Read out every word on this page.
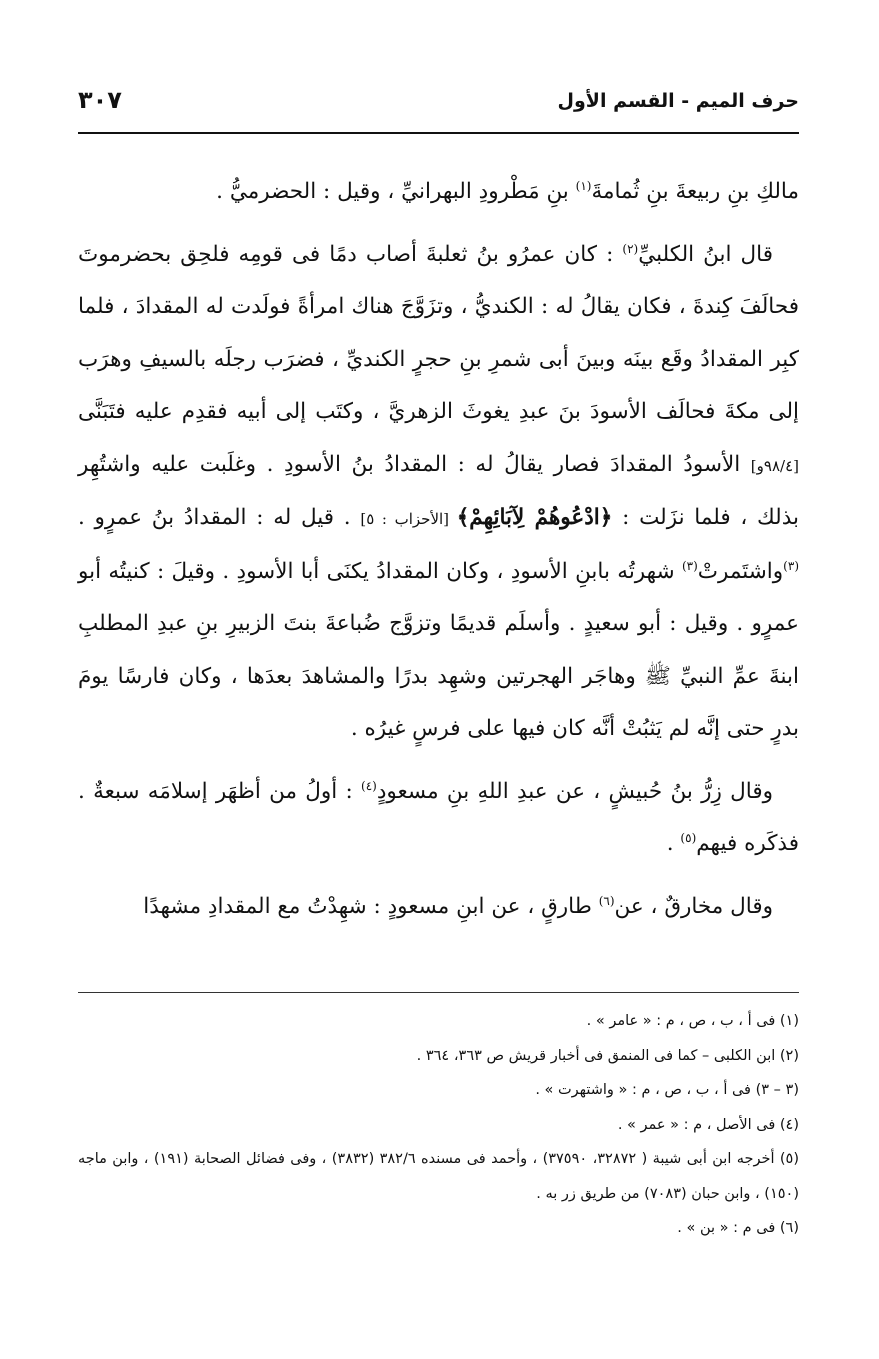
حرف الميم - القسم الأول
٣٠٧

مالكِ بنِ ربيعةَ بنِ ثُمامةَ$^{(١)}$ بنِ مَطْرودِ البهرانيِّ ، وقيل : الحضرميُّ .

قال ابنُ الكلبيِّ$^{(٢)}$ : كان عمرُو بنُ ثعلبةَ أصاب دمًا فى قومِه فلحِق بحضرموتَ فحالَفَ كِندةَ ، فكان يقالُ له : الكنديُّ ، وتزَوَّجَ هناك امرأةً فولَدت له المقدادَ ، فلما كبِر المقدادُ وقَع بينَه وبينَ أبى شمرِ بنِ حجرٍ الكنديِّ ، فضرَب رجلَه بالسيفِ وهرَب إلى مكةَ فحالَف الأسودَ بنَ عبدِ يغوثَ الزهريَّ ، وكتَب إلى أبيه فقدِم عليه فتَبَنَّى [٩٨/٤و] الأسودُ المقدادَ فصار يقالُ له : المقدادُ بنُ الأسودِ . وغلَبت عليه واشتُهِر بذلك ، فلما نزَلت : ﴿ادْعُوهُمْ لِآبَائِهِمْ﴾ [الأحزاب : ٥] . قيل له : المقدادُ بنُ عمرٍو . $^{(٣)}$واشتَمرتْ$^{(٣)}$ شهرتُه بابنِ الأسودِ ، وكان المقدادُ يكنَى أبا الأسودِ . وقيلَ : كنيتُه أبو عمرٍو . وقيل : أبو سعيدٍ . وأسلَم قديمًا وتزوَّج ضُباعةَ بنتَ الزبيرِ بنِ عبدِ المطلبِ ابنةَ عمِّ النبيِّ ﷺ وهاجَر الهجرتين وشهِد بدرًا والمشاهدَ بعدَها ، وكان فارسًا يومَ بدرٍ حتى إنَّه لم يَثبُتْ أنَّه كان فيها على فرسٍ غيرُه .

وقال زِرُّ بنُ حُبيشٍ ، عن عبدِ اللهِ بنِ مسعودٍ$^{(٤)}$ : أولُ من أظهَر إسلامَه سبعةٌ . فذكَره فيهم$^{(٥)}$ .

وقال مخارقٌ ، عن$^{(٦)}$ طارقٍ ، عن ابنِ مسعودٍ : شهِدْتُ مع المقدادِ مشهدًا

(١) فى أ ، ب ، ص ، م : « عامر » .

(٢) ابن الكلبى – كما فى المنمق فى أخبار قريش ص ٣٦٣، ٣٦٤ .

(٣ – ٣) فى أ ، ب ، ص ، م : « واشتهرت » .

(٤) فى الأصل ، م : « عمر » .

(٥) أخرجه ابن أبى شيبة ( ٣٢٨٧٢، ٣٧٥٩٠) ، وأحمد فى مسنده ٣٨٢/٦ (٣٨٣٢) ، وفى فضائل الصحابة (١٩١) ، وابن ماجه (١٥٠) ، وابن حبان (٧٠٨٣) من طريق زر به .

(٦) فى م : « بن » .
